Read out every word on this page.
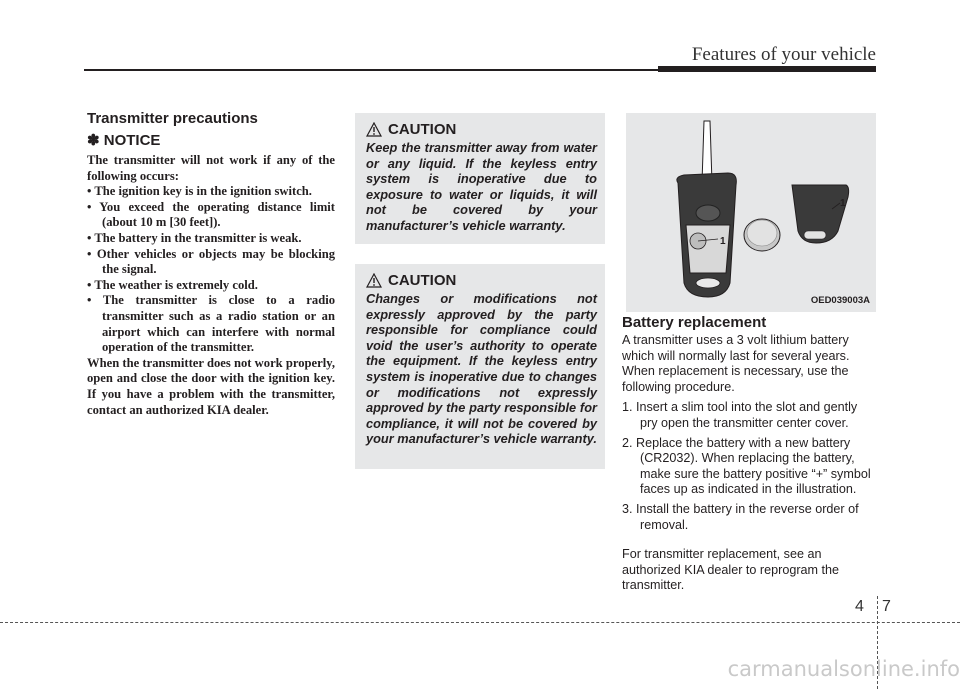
Features of your vehicle
Transmitter precautions
✽ NOTICE

The transmitter will not work if any of the following occurs:

• The ignition key is in the ignition switch.
• You exceed the operating distance limit (about 10 m [30 feet]).
• The battery in the transmitter is weak.
• Other vehicles or objects may be blocking the signal.
• The weather is extremely cold.
• The transmitter is close to a radio transmitter such as a radio station or an airport which can interfere with normal operation of the transmitter.

When the transmitter does not work properly, open and close the door with the ignition key. If you have a problem with the transmitter, contact an authorized KIA dealer.

CAUTION

Keep the transmitter away from water or any liquid. If the keyless entry system is inoperative due to exposure to water or liquids, it will not be covered by your manufacturer’s vehicle warranty.

CAUTION

Changes or modifications not expressly approved by the party responsible for compliance could void the user’s authority to operate the equipment. If the keyless entry system is inoperative due to changes or modifications not expressly approved by the party responsible for compliance, it will not be covered by your manufacturer’s vehicle warranty.

1
1
OED039003A
Battery replacement

A transmitter uses a 3 volt lithium battery which will normally last for several years. When replacement is necessary, use the following procedure.

1. Insert a slim tool into the slot and gently pry open the transmitter center cover.
2. Replace the battery with a new battery (CR2032). When replacing the battery, make sure the battery positive “+” symbol faces up as indicated in the illustration.
3. Install the battery in the reverse order of removal.

For transmitter replacement, see an authorized KIA dealer to reprogram the transmitter.

4 7
carmanualsonline.info
